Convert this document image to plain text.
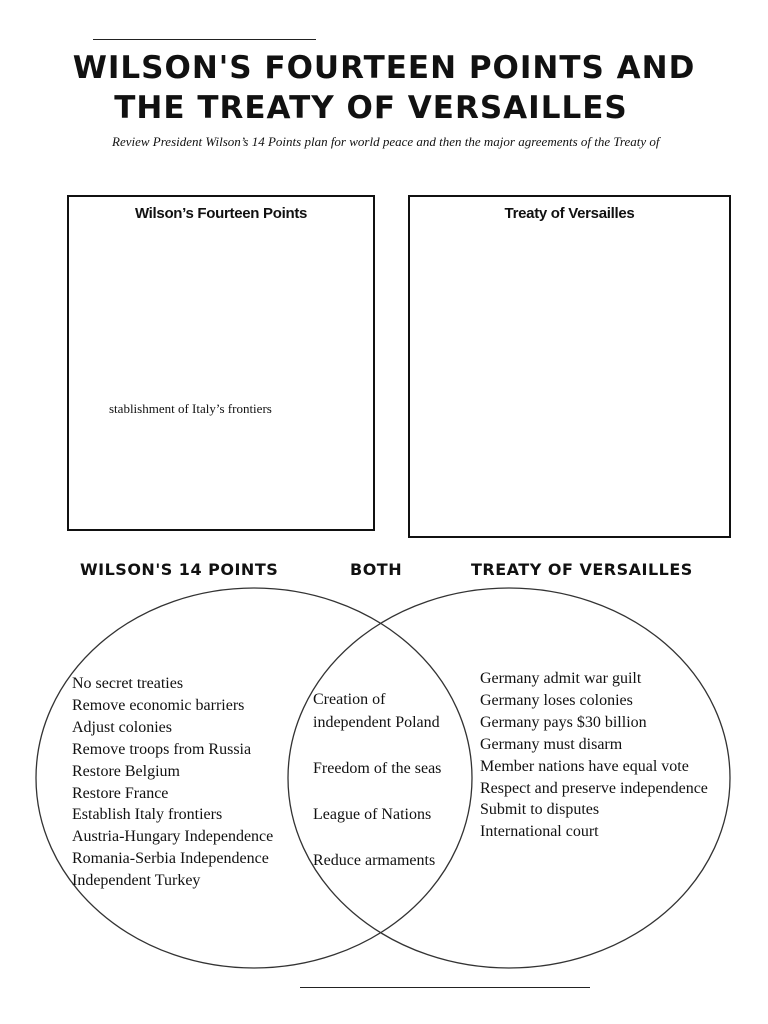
WILSON'S FOURTEEN POINTS AND
THE TREATY OF VERSAILLES
Review President Wilson’s 14 Points plan for world peace and then the major agreements of the Treaty of
Wilson’s Fourteen Points
stablishment of Italy’s frontiers
Treaty of Versailles
WILSON'S 14 POINTS	BOTH	TREATY OF VERSAILLES
No secret treaties
Remove economic barriers
Adjust colonies
Remove troops from Russia
Restore Belgium
Restore France
Establish Italy frontiers
Austria-Hungary Independence
Romania-Serbia Independence
Independent Turkey
Creation of
independent Poland

Freedom of the seas

League of Nations

Reduce armaments
Germany admit war guilt
Germany loses colonies
Germany pays $30 billion
Germany must disarm
Member nations have equal vote
Respect and preserve independence
Submit to disputes
International court
